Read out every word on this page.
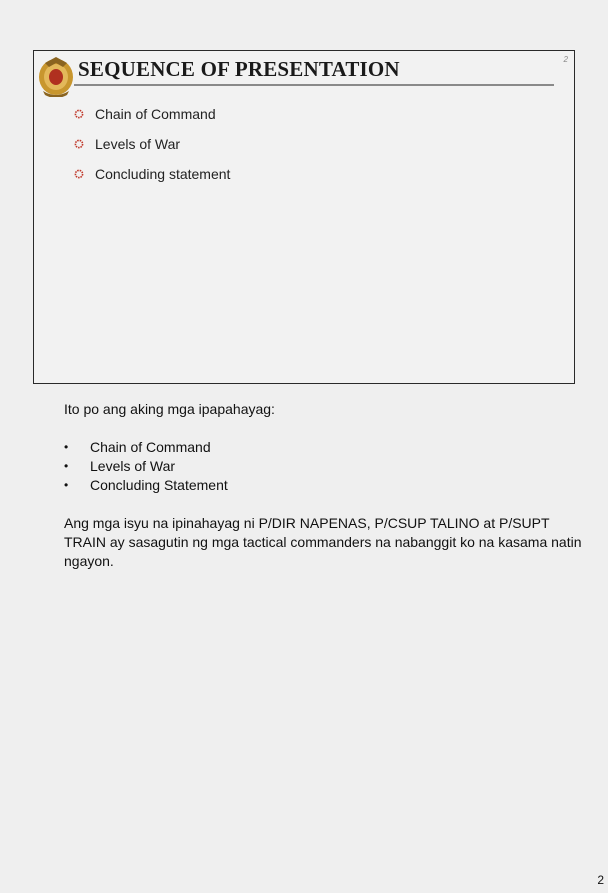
SEQUENCE OF PRESENTATION	2
Chain of Command
Levels of War
Concluding statement

Ito po ang aking mga ipapahayag:

•	Chain of Command
•	Levels of War
•	Concluding Statement

Ang mga isyu na ipinahayag ni P/DIR NAPENAS, P/CSUP TALINO at P/SUPT TRAIN ay sasagutin ng mga tactical commanders na nabanggit ko na kasama natin ngayon.

2
